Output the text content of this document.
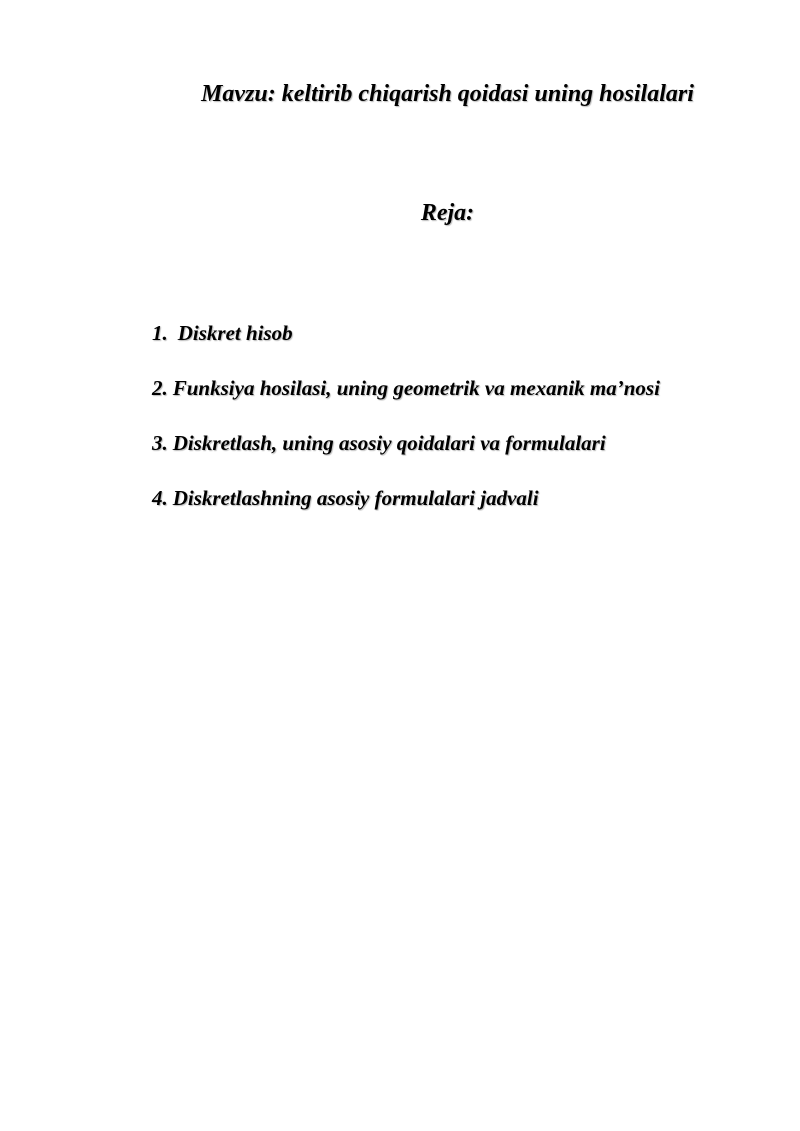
Mavzu: keltirib chiqarish qoidasi uning hosilalari
Reja:
1. Diskret hisob
2. Funksiya hosilasi, uning geometrik va mexanik ma’nosi
3. Diskretlash, uning asosiy qoidalari va formulalari
4. Diskretlashning asosiy formulalari jadvali
